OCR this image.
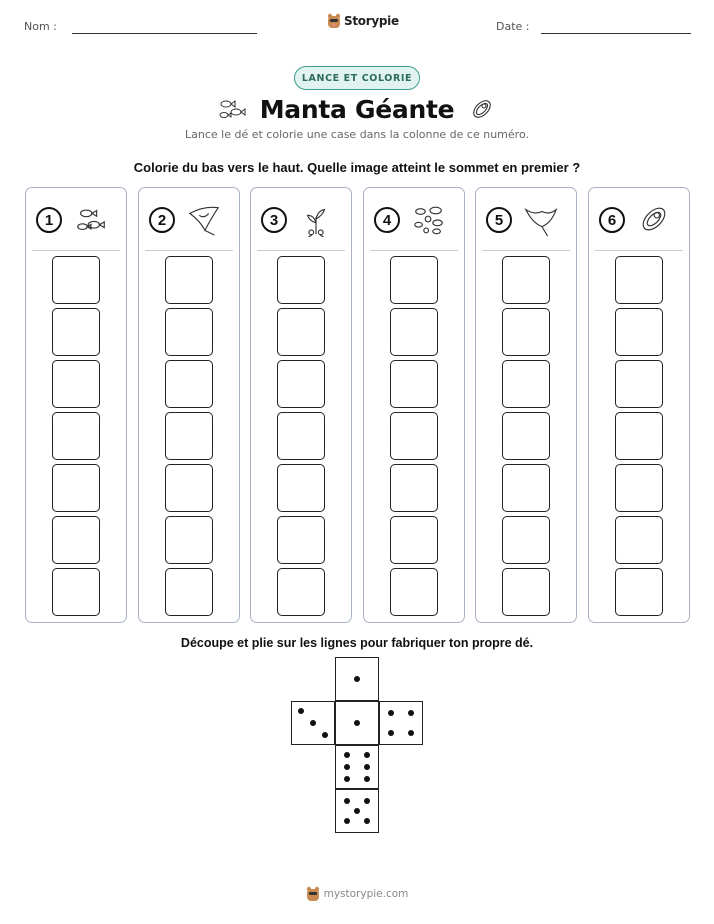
Nom :	Storypie	Date :
LANCE ET COLORIE
Manta Géante
Lance le dé et colorie une case dans la colonne de ce numéro.
Colorie du bas vers le haut. Quelle image atteint le sommet en premier ?
1	2	3	4	5	6
Découpe et plie sur les lignes pour fabriquer ton propre dé.
mystorypie.com
